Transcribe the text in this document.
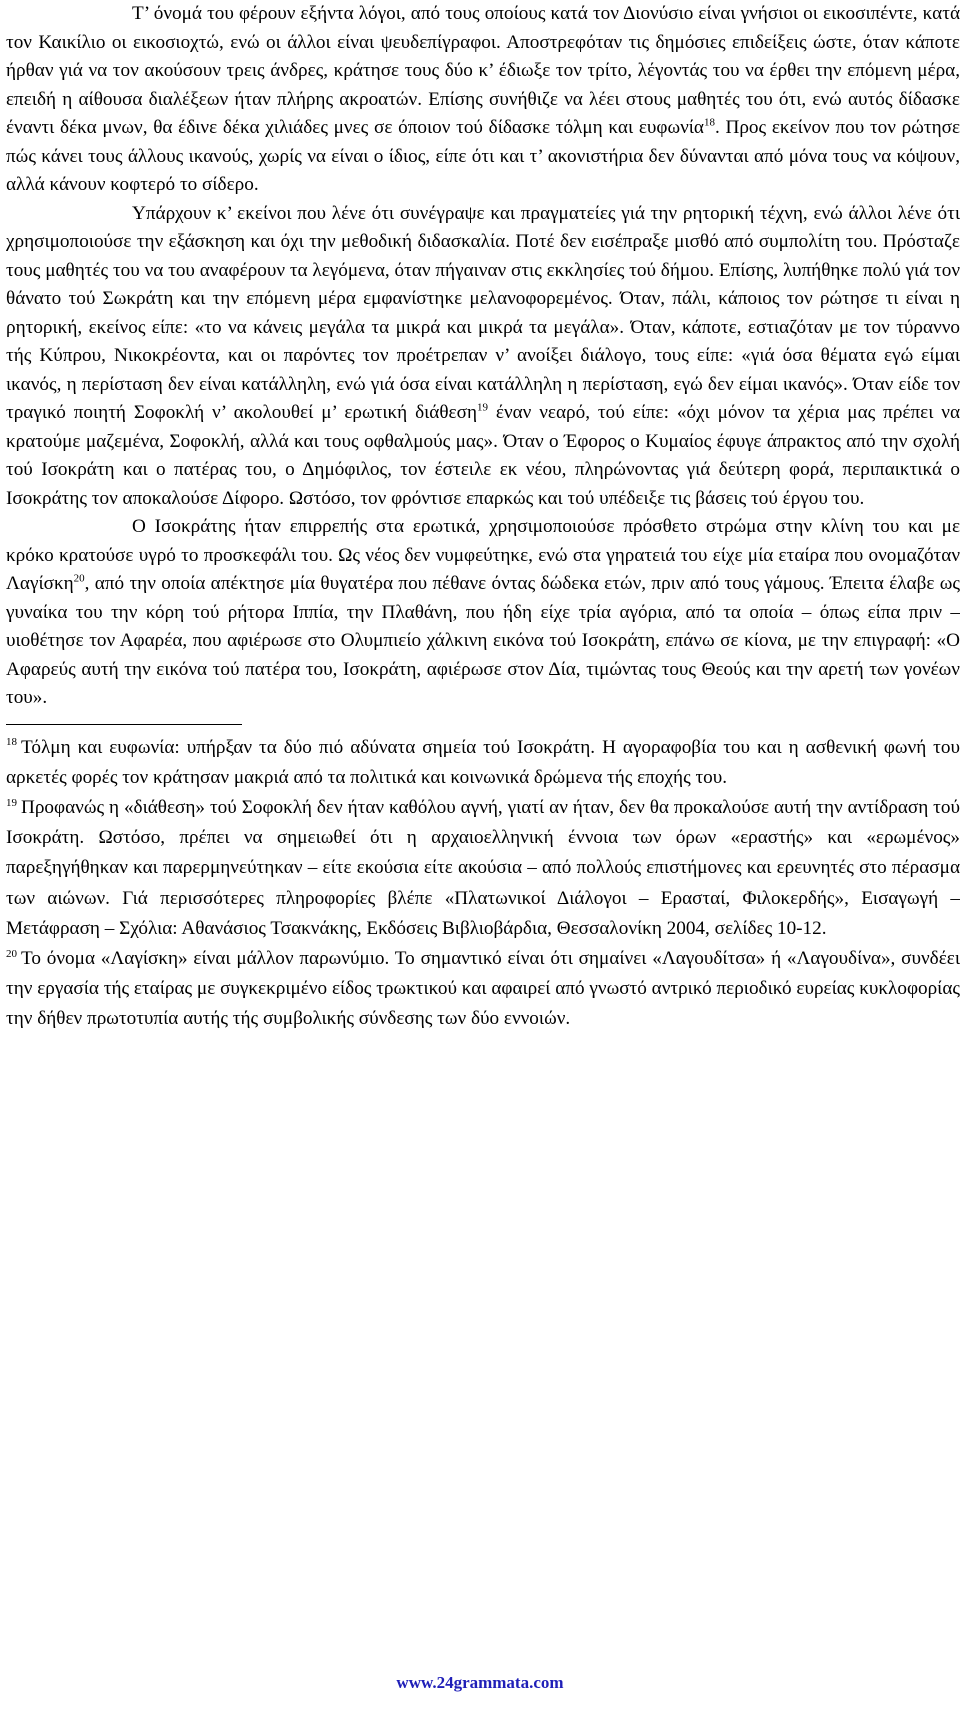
Τ’ όνομά του φέρουν εξήντα λόγοι, από τους οποίους κατά τον Διονύσιο είναι γνήσιοι οι εικοσιπέντε, κατά τον Καικίλιο οι εικοσιοχτώ, ενώ οι άλλοι είναι ψευδεπίγραφοι. Αποστρεφόταν τις δημόσιες επιδείξεις ώστε, όταν κάποτε ήρθαν γιά να τον ακούσουν τρεις άνδρες, κράτησε τους δύο κ’ έδιωξε τον τρίτο, λέγοντάς του να έρθει την επόμενη μέρα, επειδή η αίθουσα διαλέξεων ήταν πλήρης ακροατών. Επίσης συνήθιζε να λέει στους μαθητές του ότι, ενώ αυτός δίδασκε έναντι δέκα μνων, θα έδινε δέκα χιλιάδες μνες σε όποιον τού δίδασκε τόλμη και ευφωνία$^{18}$. Προς εκείνον που τον ρώτησε πώς κάνει τους άλλους ικανούς, χωρίς να είναι ο ίδιος, είπε ότι και τ’ ακονιστήρια δεν δύνανται από μόνα τους να κόψουν, αλλά κάνουν κοφτερό το σίδερο.

Υπάρχουν κ’ εκείνοι που λένε ότι συνέγραψε και πραγματείες γιά την ρητορική τέχνη, ενώ άλλοι λένε ότι χρησιμοποιούσε την εξάσκηση και όχι την μεθοδική διδασκαλία. Ποτέ δεν εισέπραξε μισθό από συμπολίτη του. Πρόσταζε τους μαθητές του να του αναφέρουν τα λεγόμενα, όταν πήγαιναν στις εκκλησίες τού δήμου. Επίσης, λυπήθηκε πολύ γιά τον θάνατο τού Σωκράτη και την επόμενη μέρα εμφανίστηκε μελανοφορεμένος. Όταν, πάλι, κάποιος τον ρώτησε τι είναι η ρητορική, εκείνος είπε: «το να κάνεις μεγάλα τα μικρά και μικρά τα μεγάλα». Όταν, κάποτε, εστιαζόταν με τον τύραννο τής Κύπρου, Νικοκρέοντα, και οι παρόντες τον προέτρεπαν ν’ ανοίξει διάλογο, τους είπε: «γιά όσα θέματα εγώ είμαι ικανός, η περίσταση δεν είναι κατάλληλη, ενώ γιά όσα είναι κατάλληλη η περίσταση, εγώ δεν είμαι ικανός». Όταν είδε τον τραγικό ποιητή Σοφοκλή ν’ ακολουθεί μ’ ερωτική διάθεση$^{19}$ έναν νεαρό, τού είπε: «όχι μόνον τα χέρια μας πρέπει να κρατούμε μαζεμένα, Σοφοκλή, αλλά και τους οφθαλμούς μας». Όταν ο Έφορος ο Κυμαίος έφυγε άπρακτος από την σχολή τού Ισοκράτη και ο πατέρας του, ο Δημόφιλος, τον έστειλε εκ νέου, πληρώνοντας γιά δεύτερη φορά, περιπαικτικά ο Ισοκράτης τον αποκαλούσε Δίφορο. Ωστόσο, τον φρόντισε επαρκώς και τού υπέδειξε τις βάσεις τού έργου του.

Ο Ισοκράτης ήταν επιρρεπής στα ερωτικά, χρησιμοποιούσε πρόσθετο στρώμα στην κλίνη του και με κρόκο κρατούσε υγρό το προσκεφάλι του. Ως νέος δεν νυμφεύτηκε, ενώ στα γηρατειά του είχε μία εταίρα που ονομαζόταν Λαγίσκη$^{20}$, από την οποία απέκτησε μία θυγατέρα που πέθανε όντας δώδεκα ετών, πριν από τους γάμους. Έπειτα έλαβε ως γυναίκα του την κόρη τού ρήτορα Ιππία, την Πλαθάνη, που ήδη είχε τρία αγόρια, από τα οποία – όπως είπα πριν – υιοθέτησε τον Αφαρέα, που αφιέρωσε στο Ολυμπιείο χάλκινη εικόνα τού Ισοκράτη, επάνω σε κίονα, με την επιγραφή: «Ο Αφαρεύς αυτή την εικόνα τού πατέρα του, Ισοκράτη, αφιέρωσε στον Δία, τιμώντας τους Θεούς και την αρετή των γονέων του».

$^{18}$ Τόλμη και ευφωνία: υπήρξαν τα δύο πιό αδύνατα σημεία τού Ισοκράτη. Η αγοραφοβία του και η ασθενική φωνή του αρκετές φορές τον κράτησαν μακριά από τα πολιτικά και κοινωνικά δρώμενα τής εποχής του.

$^{19}$ Προφανώς η «διάθεση» τού Σοφοκλή δεν ήταν καθόλου αγνή, γιατί αν ήταν, δεν θα προκαλούσε αυτή την αντίδραση τού Ισοκράτη. Ωστόσο, πρέπει να σημειωθεί ότι η αρχαιοελληνική έννοια των όρων «εραστής» και «ερωμένος» παρεξηγήθηκαν και παρερμηνεύτηκαν – είτε εκούσια είτε ακούσια – από πολλούς επιστήμονες και ερευνητές στο πέρασμα των αιώνων. Γιά περισσότερες πληροφορίες βλέπε «Πλατωνικοί Διάλογοι – Ερασταί, Φιλοκερδής», Εισαγωγή – Μετάφραση – Σχόλια: Αθανάσιος Τσακνάκης, Εκδόσεις Βιβλιοβάρδια, Θεσσαλονίκη 2004, σελίδες 10-12.

$^{20}$ Το όνομα «Λαγίσκη» είναι μάλλον παρωνύμιο. Το σημαντικό είναι ότι σημαίνει «Λαγουδίτσα» ή «Λαγουδίνα», συνδέει την εργασία τής εταίρας με συγκεκριμένο είδος τρωκτικού και αφαιρεί από γνωστό αντρικό περιοδικό ευρείας κυκλοφορίας την δήθεν πρωτοτυπία αυτής τής συμβολικής σύνδεσης των δύο εννοιών.

www.24grammata.com
